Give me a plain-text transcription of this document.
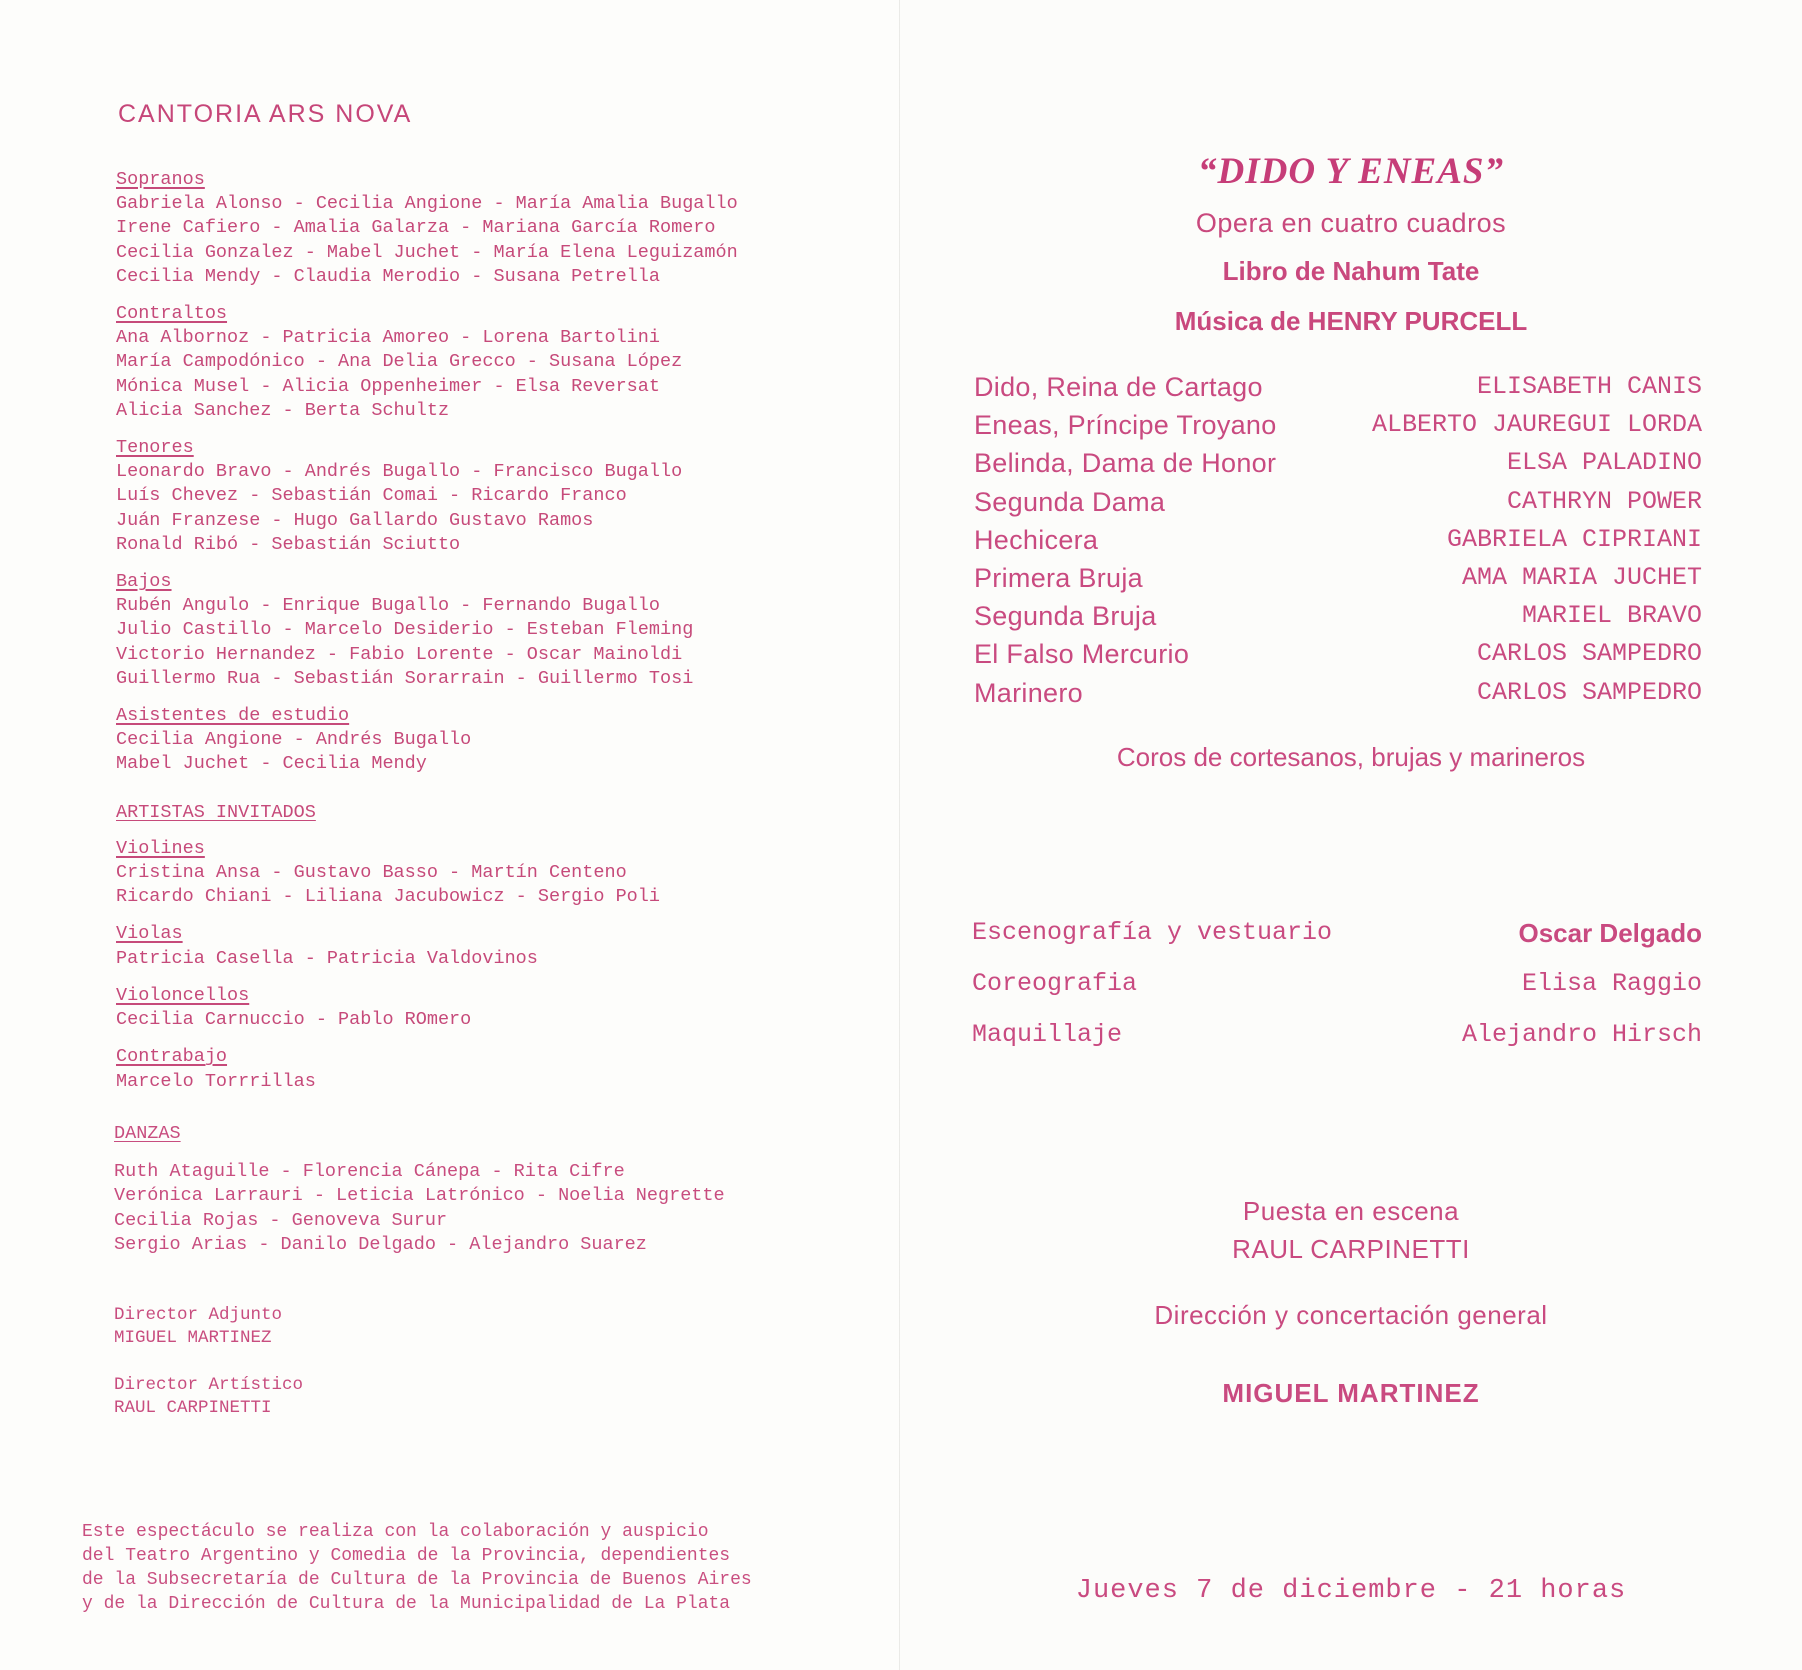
CANTORIA ARS NOVA
Sopranos
Gabriela Alonso - Cecilia Angione - María Amalia Bugallo
Irene Cafiero - Amalia Galarza - Mariana García Romero
Cecilia Gonzalez - Mabel Juchet - María Elena Leguizamón
Cecilia Mendy - Claudia Merodio - Susana Petrella
Contraltos
Ana Albornoz - Patricia Amoreo - Lorena Bartolini
María Campodónico - Ana Delia Grecco - Susana López
Mónica Musel - Alicia Oppenheimer - Elsa Reversat
Alicia Sanchez - Berta Schultz
Tenores
Leonardo Bravo - Andrés Bugallo - Francisco Bugallo
Luís Chevez - Sebastián Comai - Ricardo Franco
Juán Franzese - Hugo Gallardo Gustavo Ramos
Ronald Ribó - Sebastián Sciutto
Bajos
Rubén Angulo - Enrique Bugallo - Fernando Bugallo
Julio Castillo - Marcelo Desiderio - Esteban Fleming
Victorio Hernandez - Fabio Lorente - Oscar Mainoldi
Guillermo Rua - Sebastián Sorarrain - Guillermo Tosi
Asistentes de estudio
Cecilia Angione - Andrés Bugallo
Mabel Juchet - Cecilia Mendy
ARTISTAS INVITADOS
Violines
Cristina Ansa - Gustavo Basso - Martín Centeno
Ricardo Chiani - Liliana Jacubowicz - Sergio Poli
Violas
Patricia Casella - Patricia Valdovinos
Violoncellos
Cecilia Carnuccio - Pablo ROmero
Contrabajo
Marcelo Torrrillas
DANZAS
Ruth Ataguille - Florencia Cánepa - Rita Cifre
Verónica Larrauri - Leticia Latrónico - Noelia Negrette
Cecilia Rojas - Genoveva Surur
Sergio Arias - Danilo Delgado - Alejandro Suarez
Director Adjunto
MIGUEL MARTINEZ
Director Artístico
RAUL CARPINETTI
Este espectáculo se realiza con la colaboración y auspicio
del Teatro Argentino y Comedia de la Provincia, dependientes
de la Subsecretaría de Cultura de la Provincia de Buenos Aires
y de la Dirección de Cultura de la Municipalidad de La Plata
“DIDO Y ENEAS”
Opera en cuatro cuadros
Libro de Nahum Tate
Música de HENRY PURCELL
Dido, Reina de Cartago	ELISABETH CANIS
Eneas, Príncipe Troyano	ALBERTO JAUREGUI LORDA
Belinda, Dama de Honor	ELSA PALADINO
Segunda Dama	CATHRYN POWER
Hechicera	GABRIELA CIPRIANI
Primera Bruja	AMA MARIA JUCHET
Segunda Bruja	MARIEL BRAVO
El Falso Mercurio	CARLOS SAMPEDRO
Marinero	CARLOS SAMPEDRO
Coros de cortesanos, brujas y marineros
Escenografía y vestuario	Oscar Delgado
Coreografia	Elisa Raggio
Maquillaje	Alejandro Hirsch
Puesta en escena
RAUL CARPINETTI
Dirección y concertación general
MIGUEL MARTINEZ
Jueves 7 de diciembre - 21 horas
